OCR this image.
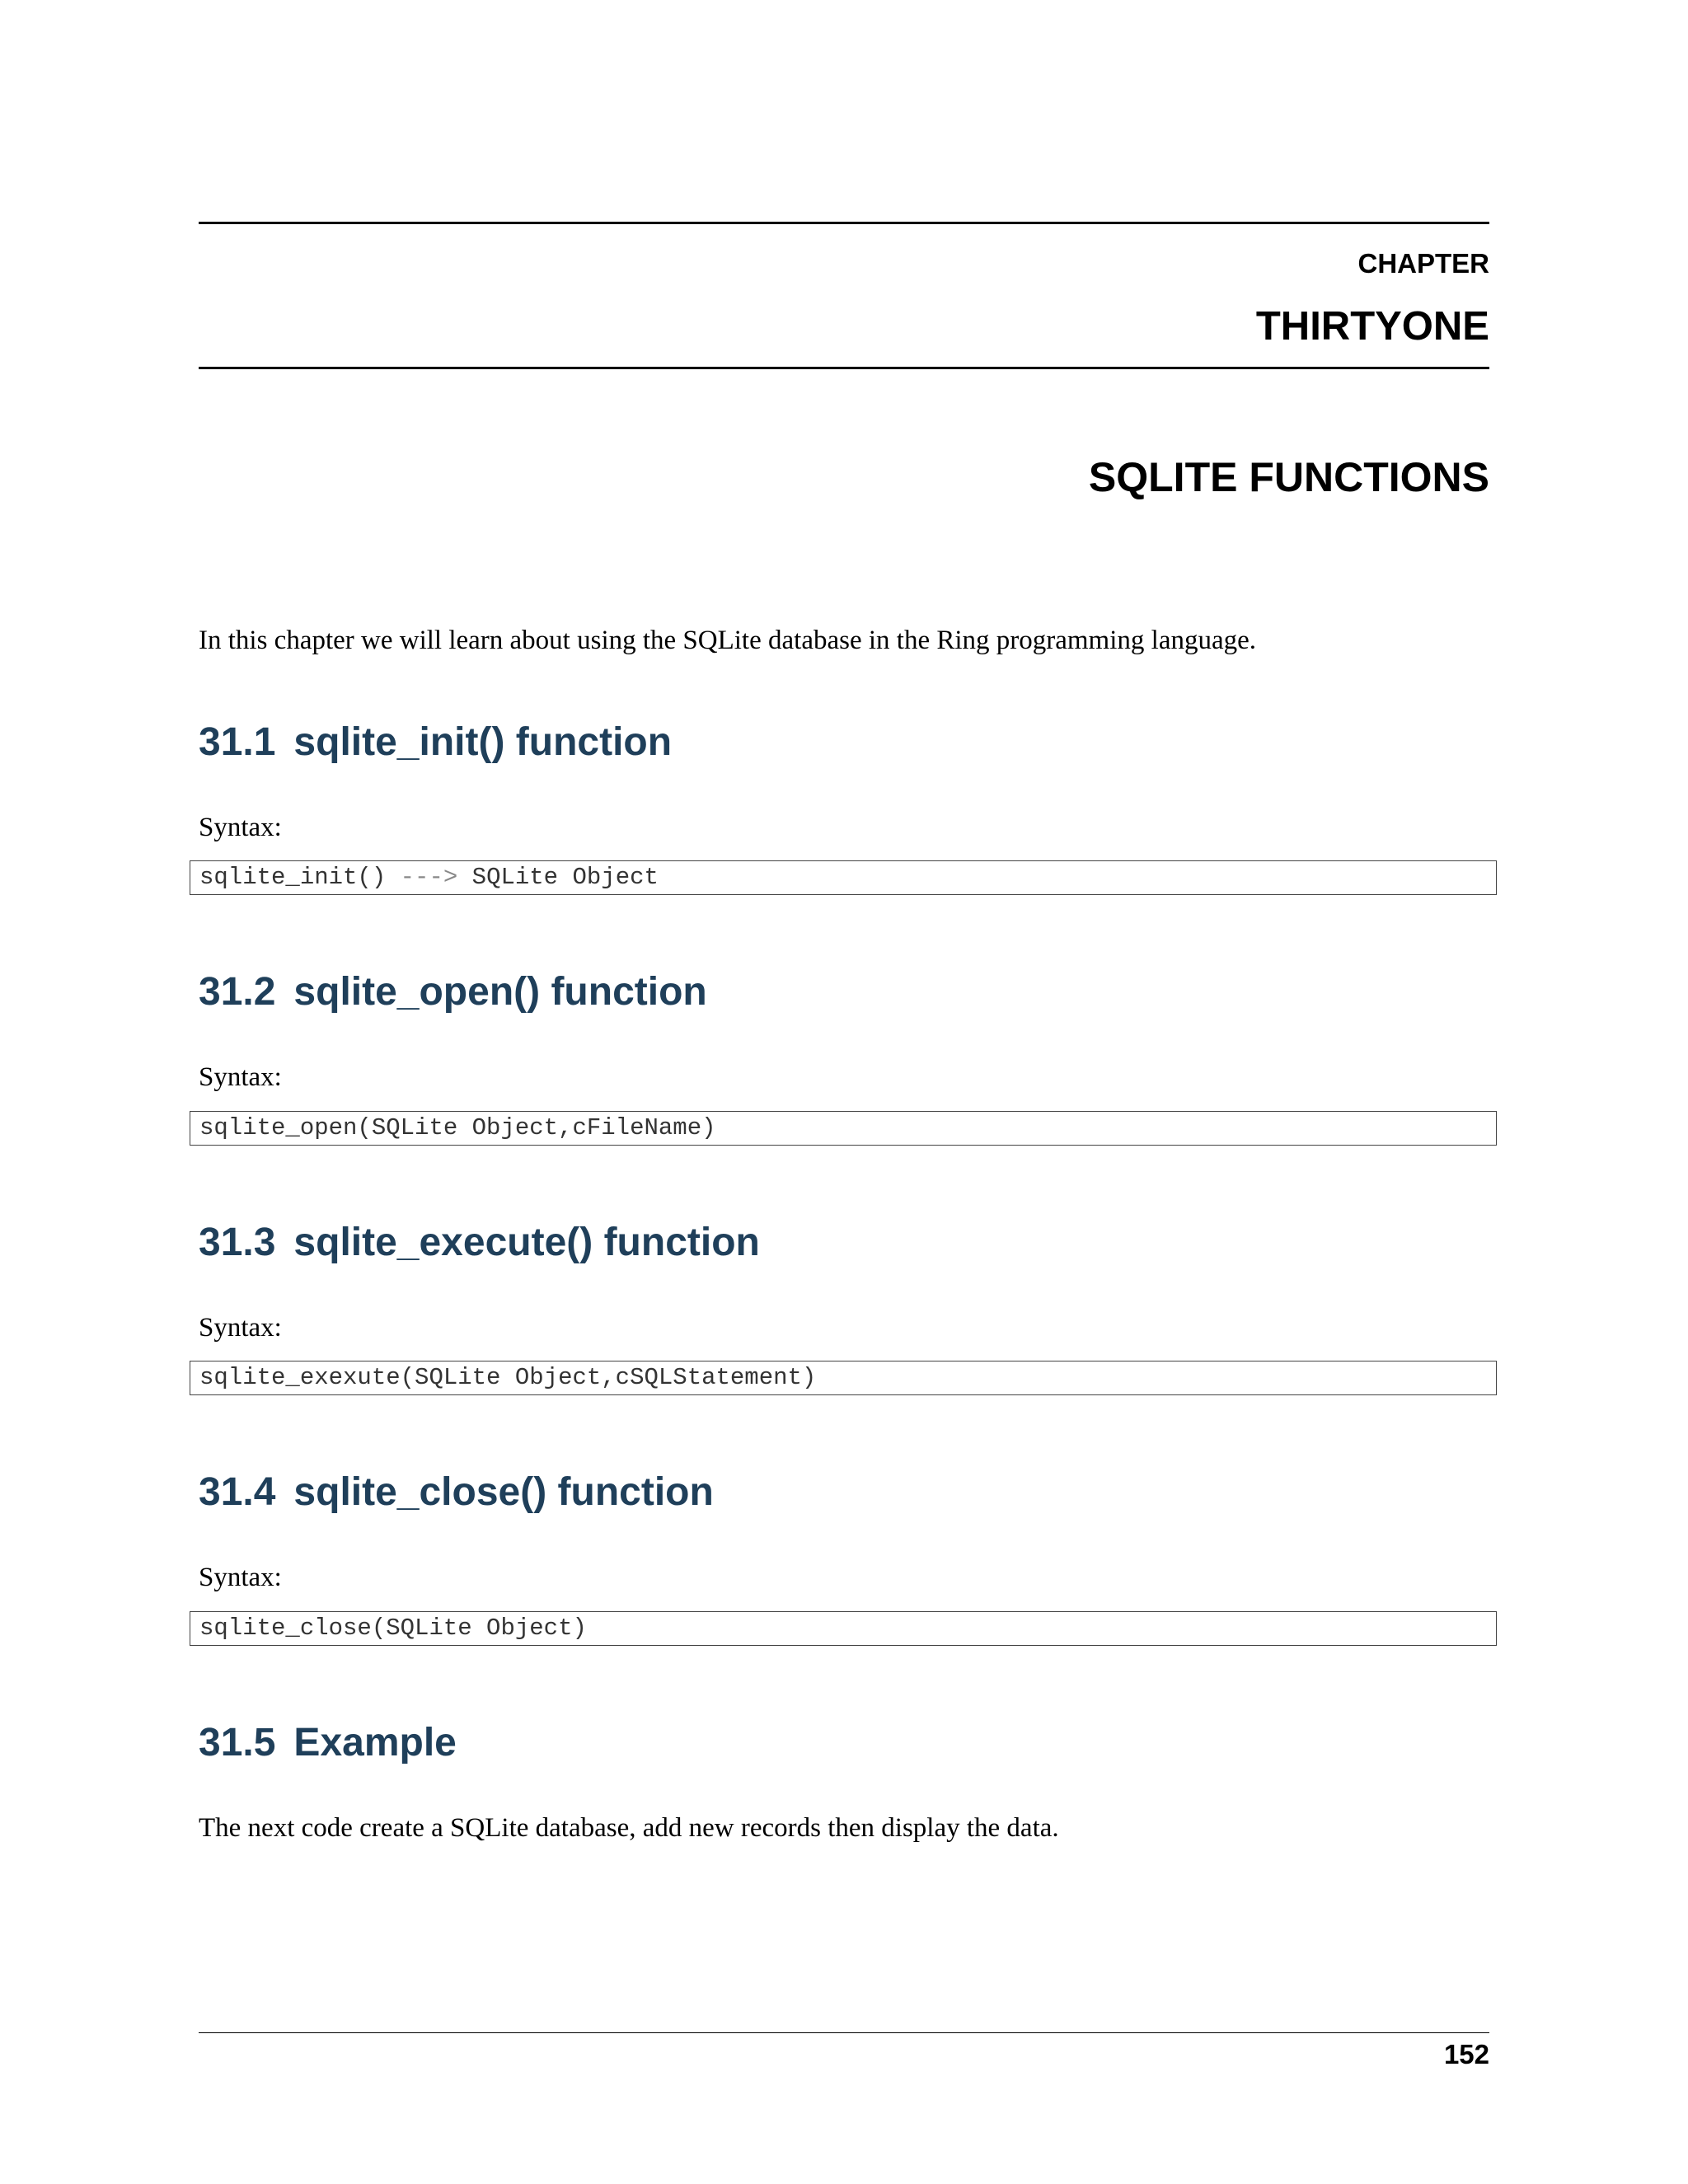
CHAPTER
THIRTYONE
SQLITE FUNCTIONS
In this chapter we will learn about using the SQLite database in the Ring programming language.
31.1 sqlite_init() function
Syntax:
sqlite_init() ---> SQLite Object
31.2 sqlite_open() function
Syntax:
sqlite_open(SQLite Object,cFileName)
31.3 sqlite_execute() function
Syntax:
sqlite_exexute(SQLite Object,cSQLStatement)
31.4 sqlite_close() function
Syntax:
sqlite_close(SQLite Object)
31.5 Example
The next code create a SQLite database, add new records then display the data.
152
